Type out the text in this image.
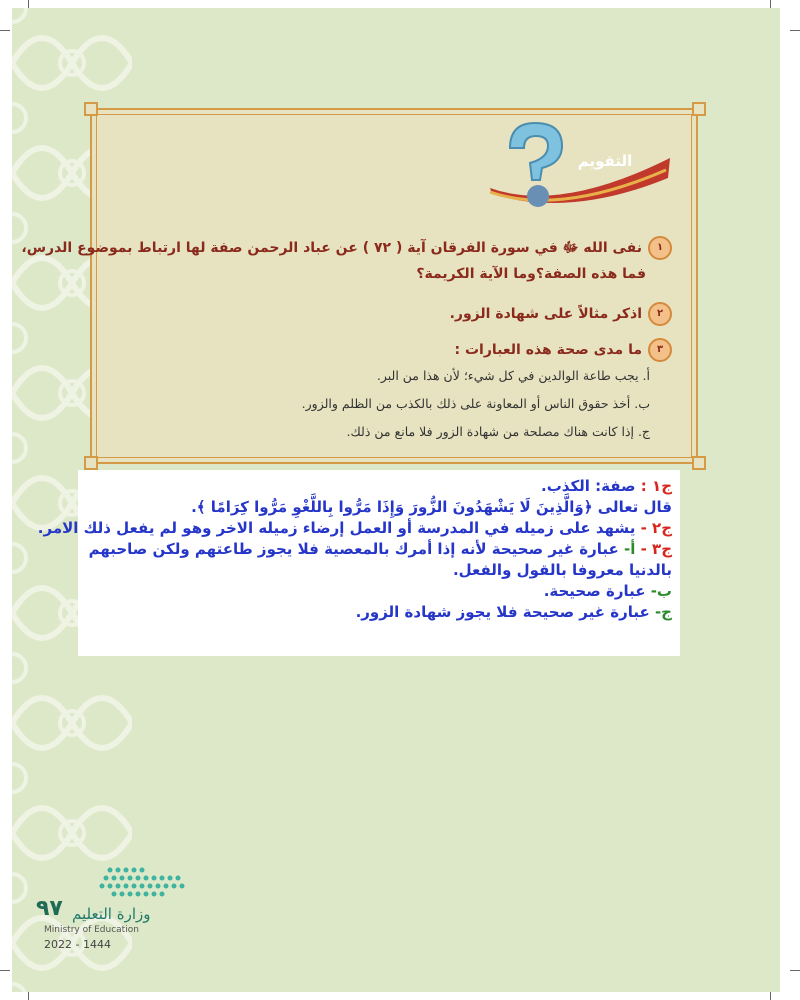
التقويم
١نفى الله ﷻ في سورة الفرقان آية ( ٧٢ ) عن عباد الرحمن صفة لها ارتباط بموضوع الدرس،
فما هذه الصفة؟وما الآية الكريمة؟
٢اذكر مثالاً على شهادة الزور.
٣ما مدى صحة هذه العبارات :
أ. يجب طاعة الوالدين في كل شيء؛ لأن هذا من البر.
ب. أخذ حقوق الناس أو المعاونة على ذلك بالكذب من الظلم والزور.
ج. إذا كانت هناك مصلحة من شهادة الزور فلا مانع من ذلك.
ج١ : صفة: الكذب.
قال تعالى ﴿وَالَّذِينَ لَا يَشْهَدُونَ الزُّورَ وَإِذَا مَرُّوا بِاللَّغْوِ مَرُّوا كِرَامًا ﴾.
ج٢ - يشهد على زميله في المدرسة أو العمل إرضاء زميله الاخر وهو لم يفعل ذلك الامر.
ج٣ - أ- عبارة غير صحيحة لأنه إذا أمرك بالمعصية فلا يجوز طاعتهم ولكن صاحبهم بالدنيا معروفا بالقول والفعل.
ب- عبارة صحيحة.
ج- عبارة غير صحيحة فلا يجوز شهادة الزور.
٩٧ وزارة التعليم
Ministry of Education
2022 - 1444
